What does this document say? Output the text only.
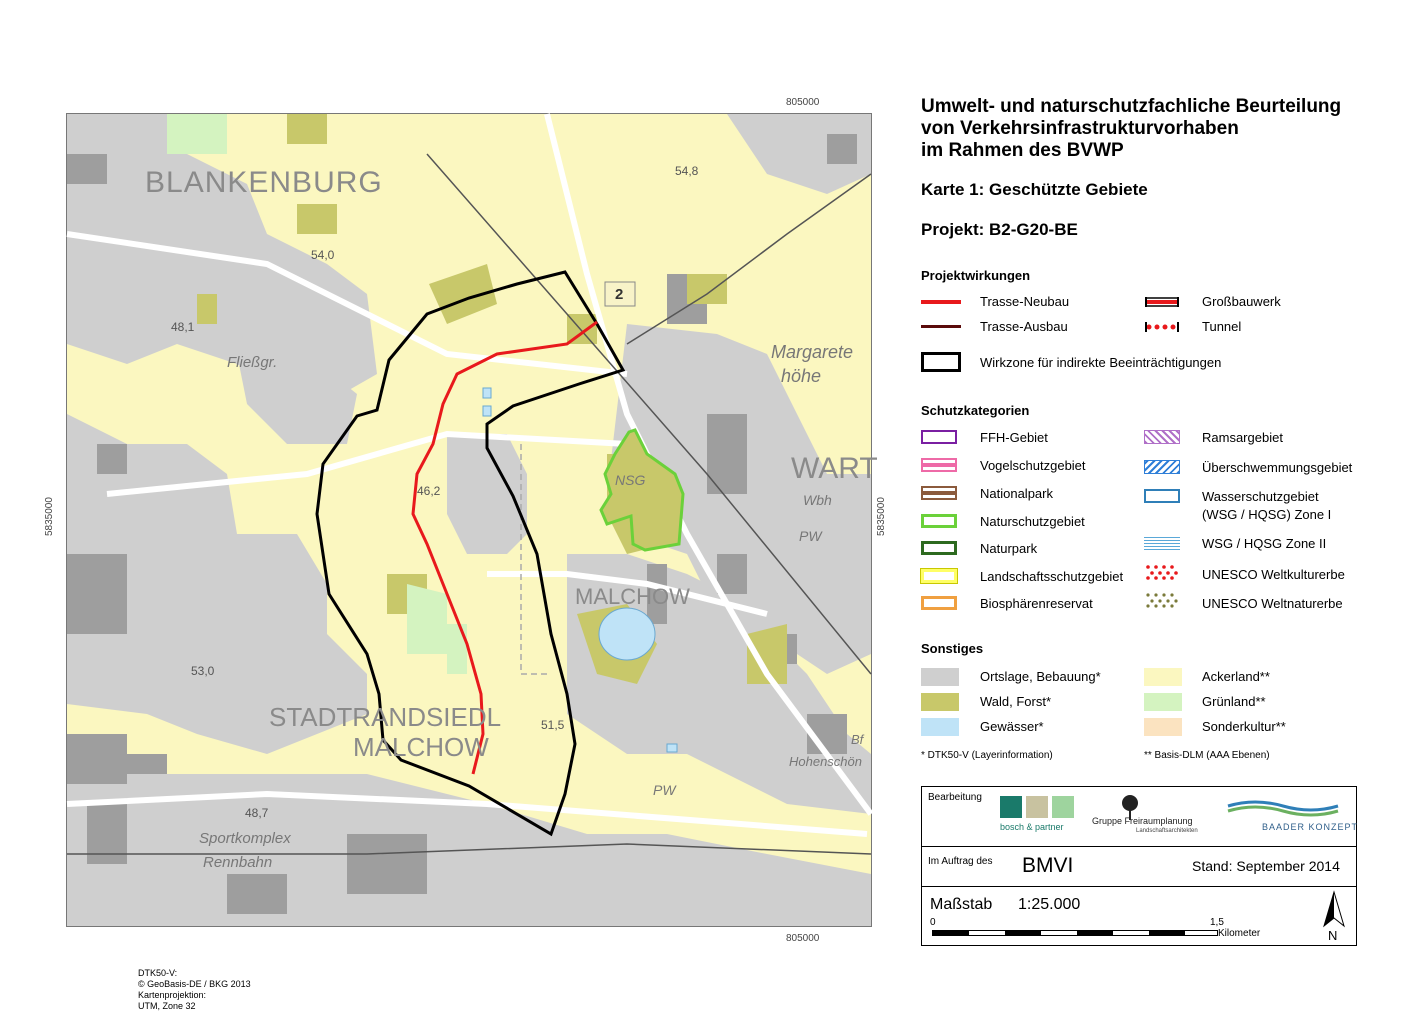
805000
805000
5835000	5835000
BLANKENBURG
Fließgr.
Margarete
höhe
WART
Wbh
PW
NSG
MALCHOW
STADTRANDSIEDL
MALCHOW
Sportkomplex
Rennbahn
Hohenschön
PW
Bf
54,8
54,0
48,1
46,2
53,0
51,5
48,7
2
DTK50-V:
© GeoBasis-DE / BKG 2013
Kartenprojektion:
UTM, Zone 32
Umwelt- und naturschutzfachliche Beurteilung
von Verkehrsinfrastrukturvorhaben
im Rahmen des BVWP
Karte 1: Geschützte Gebiete
Projekt: B2-G20-BE
Projektwirkungen
Trasse-Neubau
Trasse-Ausbau
Großbauwerk
Tunnel
Wirkzone für indirekte Beeinträchtigungen
Schutzkategorien
FFH-Gebiet
Vogelschutzgebiet
Nationalpark
Naturschutzgebiet
Naturpark
Landschaftsschutzgebiet
Biosphärenreservat
Ramsargebiet
Überschwemmungsgebiet
Wasserschutzgebiet
(WSG / HQSG) Zone I
WSG / HQSG Zone II
UNESCO Weltkulturerbe
UNESCO Weltnaturerbe
Sonstiges
Ortslage, Bebauung*
Wald, Forst*
Gewässer*
Ackerland**
Grünland**
Sonderkultur**
* DTK50-V (Layerinformation)	** Basis-DLM (AAA Ebenen)
Bearbeitung
bosch & partner
Gruppe Freiraumplanung
Landschaftsarchitekten	BAADER KONZEPT
Im Auftrag des BMVI	Stand: September 2014
Maßstab 1:25.000
0	1,5
Kilometer	N
